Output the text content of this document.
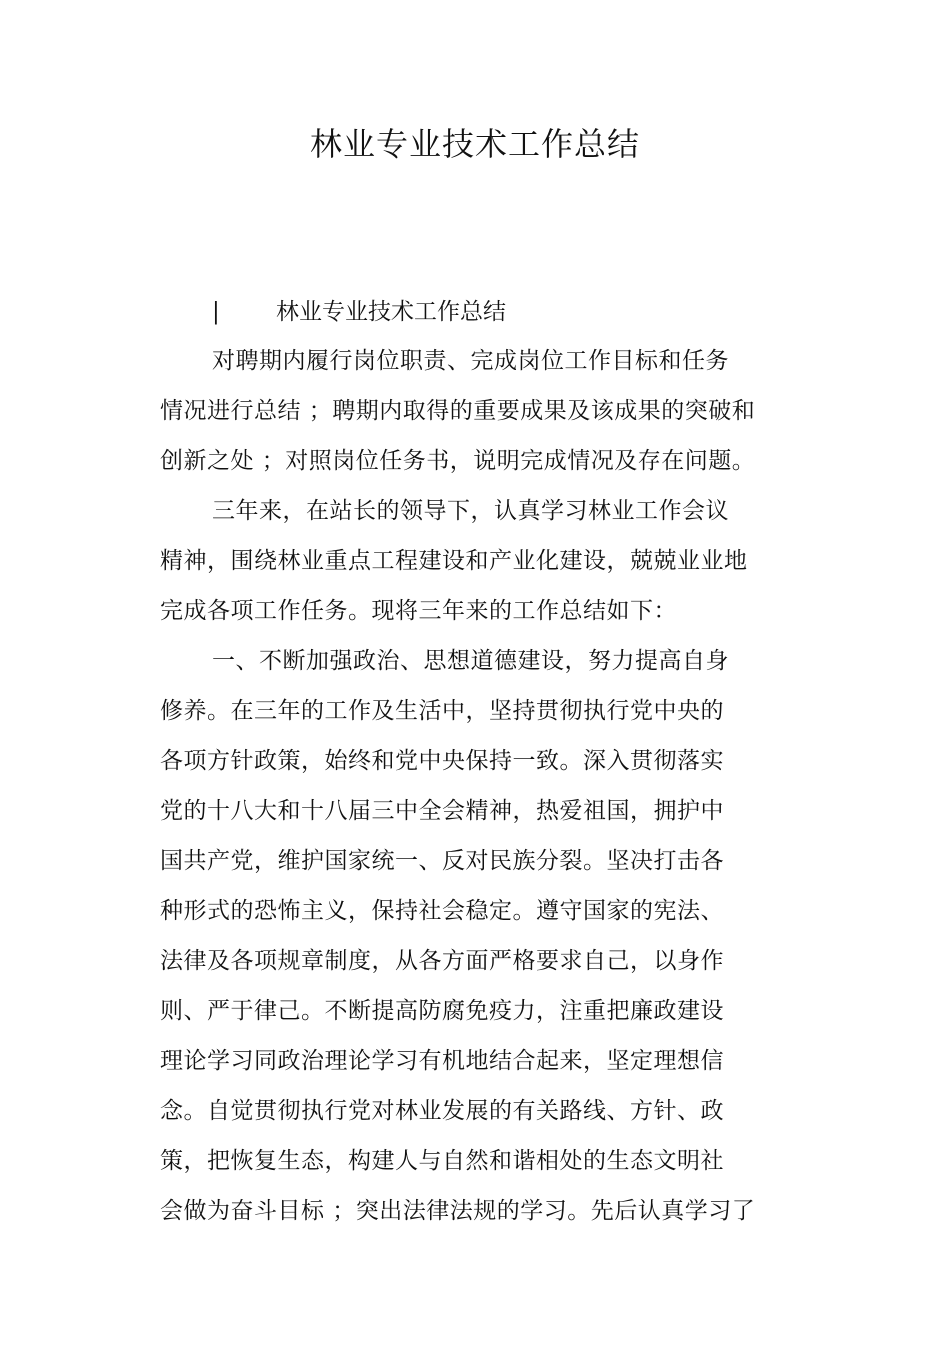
林业专业技术工作总结
| 林业专业技术工作总结
对聘期内履行岗位职责、完成岗位工作目标和任务
情况进行总结 ；聘期内取得的重要成果及该成果的突破和
创新之处 ；对照岗位任务书，说明完成情况及存在问题。
三年来，在站长的领导下，认真学习林业工作会议
精神，围绕林业重点工程建设和产业化建设，兢兢业业地
完成各项工作任务。现将三年来的工作总结如下：
一、不断加强政治、思想道德建设，努力提高自身
修养。在三年的工作及生活中，坚持贯彻执行党中央的
各项方针政策，始终和党中央保持一致。深入贯彻落实
党的十八大和十八届三中全会精神，热爱祖国，拥护中
国共产党，维护国家统一、反对民族分裂。坚决打击各
种形式的恐怖主义，保持社会稳定。遵守国家的宪法、
法律及各项规章制度，从各方面严格要求自己，以身作
则、严于律己。不断提高防腐免疫力，注重把廉政建设
理论学习同政治理论学习有机地结合起来，坚定理想信
念。自觉贯彻执行党对林业发展的有关路线、方针、政
策，把恢复生态，构建人与自然和谐相处的生态文明社
会做为奋斗目标 ；突出法律法规的学习。先后认真学习了
